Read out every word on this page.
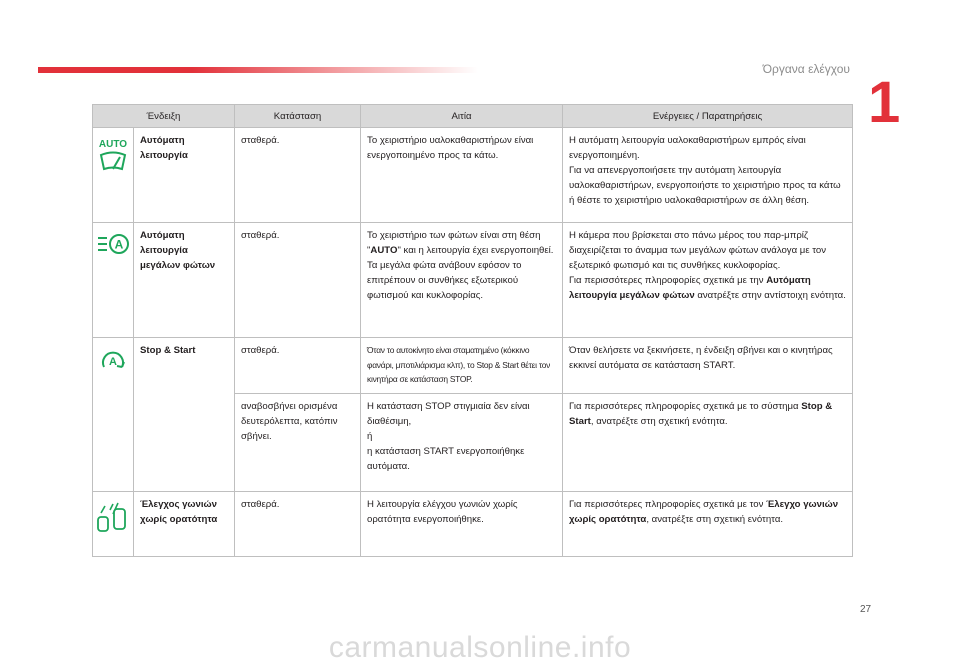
Όργανα ελέγχου
1
Ένδειξη		Κατάσταση	Αιτία	Ενέργειες / Παρατηρήσεις

AUTO	Αυτόματη λειτουργία	σταθερά.	Το χειριστήριο υαλοκαθαριστήρων είναι ενεργοποιημένο προς τα κάτω.	Η αυτόματη λειτουργία υαλοκαθαριστήρων εμπρός είναι ενεργοποιημένη.
Για να απενεργοποιήσετε την αυτόματη λειτουργία υαλοκαθαριστήρων, ενεργοποιήστε το χειριστήριο προς τα κάτω ή θέστε το χειριστήριο υαλοκαθαριστήρων σε άλλη θέση.

A	Αυτόματη λειτουργία μεγάλων φώτων	σταθερά.	Το χειριστήριο των φώτων είναι στη θέση "AUTO" και η λειτουργία έχει ενεργοποιηθεί.
Τα μεγάλα φώτα ανάβουν εφόσον το επιτρέπουν οι συνθήκες εξωτερικού φωτισμού και κυκλοφορίας.	Η κάμερα που βρίσκεται στο πάνω μέρος του παρ-μπρίζ διαχειρίζεται το άναμμα των μεγάλων φώτων ανάλογα με τον εξωτερικό φωτισμό και τις συνθήκες κυκλοφορίας.
Για περισσότερες πληροφορίες σχετικά με την Αυτόματη λειτουργία μεγάλων φώτων ανατρέξτε στην αντίστοιχη ενότητα.

A	Stop & Start	σταθερά.	Όταν το αυτοκίνητο είναι σταματημένο (κόκκινο φανάρι, μποτιλιάρισμα κλπ), το Stop & Start θέτει τον κινητήρα σε κατάσταση STOP.	Όταν θελήσετε να ξεκινήσετε, η ένδειξη σβήνει και ο κινητήρας εκκινεί αυτόματα σε κατάσταση START.
		αναβοσβήνει ορισμένα δευτερόλεπτα, κατόπιν σβήνει.	Η κατάσταση STOP στιγμιαία δεν είναι διαθέσιμη,
ή
η κατάσταση START ενεργοποιήθηκε αυτόματα.	Για περισσότερες πληροφορίες σχετικά με το σύστημα Stop & Start, ανατρέξτε στη σχετική ενότητα.
	Έλεγχος γωνιών χωρίς ορατότητα	σταθερά.	Η λειτουργία ελέγχου γωνιών χωρίς ορατότητα ενεργοποιήθηκε.	Για περισσότερες πληροφορίες σχετικά με τον Έλεγχο γωνιών χωρίς ορατότητα, ανατρέξτε στη σχετική ενότητα.
27
carmanualsonline.info
